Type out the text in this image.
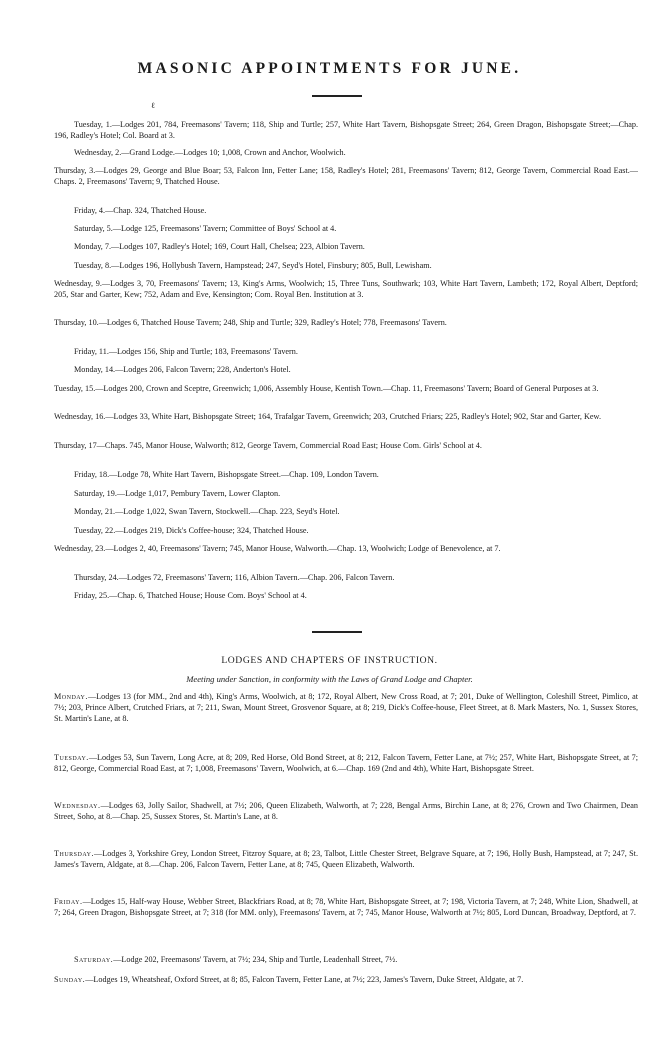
MASONIC APPOINTMENTS FOR JUNE.
ℓ
Tuesday, 1.—Lodges 201, 784, Freemasons' Tavern; 118, Ship and Turtle; 257, White Hart Tavern, Bishopsgate Street; 264, Green Dragon, Bishopsgate Street;—Chap. 196, Radley's Hotel; Col. Board at 3.
Wednesday, 2.—Grand Lodge.—Lodges 10; 1,008, Crown and Anchor, Woolwich.
Thursday, 3.—Lodges 29, George and Blue Boar; 53, Falcon Inn, Fetter Lane; 158, Radley's Hotel; 281, Freemasons' Tavern; 812, George Tavern, Commercial Road East.—Chaps. 2, Freemasons' Tavern; 9, Thatched House.
Friday, 4.—Chap. 324, Thatched House.
Saturday, 5.—Lodge 125, Freemasons' Tavern; Committee of Boys' School at 4.
Monday, 7.—Lodges 107, Radley's Hotel; 169, Court Hall, Chelsea; 223, Albion Tavern.
Tuesday, 8.—Lodges 196, Hollybush Tavern, Hampstead; 247, Seyd's Hotel, Finsbury; 805, Bull, Lewisham.
Wednesday, 9.—Lodges 3, 70, Freemasons' Tavern; 13, King's Arms, Woolwich; 15, Three Tuns, Southwark; 103, White Hart Tavern, Lambeth; 172, Royal Albert, Deptford; 205, Star and Garter, Kew; 752, Adam and Eve, Kensington; Com. Royal Ben. Institution at 3.
Thursday, 10.—Lodges 6, Thatched House Tavern; 248, Ship and Turtle; 329, Radley's Hotel; 778, Freemasons' Tavern.
Friday, 11.—Lodges 156, Ship and Turtle; 183, Freemasons' Tavern.
Monday, 14.—Lodges 206, Falcon Tavern; 228, Anderton's Hotel.
Tuesday, 15.—Lodges 200, Crown and Sceptre, Greenwich; 1,006, Assembly House, Kentish Town.—Chap. 11, Freemasons' Tavern; Board of General Purposes at 3.
Wednesday, 16.—Lodges 33, White Hart, Bishopsgate Street; 164, Trafalgar Tavern, Greenwich; 203, Crutched Friars; 225, Radley's Hotel; 902, Star and Garter, Kew.
Thursday, 17—Chaps. 745, Manor House, Walworth; 812, George Tavern, Commercial Road East; House Com. Girls' School at 4.
Friday, 18.—Lodge 78, White Hart Tavern, Bishopsgate Street.—Chap. 109, London Tavern.
Saturday, 19.—Lodge 1,017, Pembury Tavern, Lower Clapton.
Monday, 21.—Lodge 1,022, Swan Tavern, Stockwell.—Chap. 223, Seyd's Hotel.
Tuesday, 22.—Lodges 219, Dick's Coffee-house; 324, Thatched House.
Wednesday, 23.—Lodges 2, 40, Freemasons' Tavern; 745, Manor House, Walworth.—Chap. 13, Woolwich; Lodge of Benevolence, at 7.
Thursday, 24.—Lodges 72, Freemasons' Tavern; 116, Albion Tavern.—Chap. 206, Falcon Tavern.
Friday, 25.—Chap. 6, Thatched House; House Com. Boys' School at 4.
LODGES AND CHAPTERS OF INSTRUCTION.
Meeting under Sanction, in conformity with the Laws of Grand Lodge and Chapter.
Monday.—Lodges 13 (for MM., 2nd and 4th), King's Arms, Woolwich, at 8; 172, Royal Albert, New Cross Road, at 7; 201, Duke of Wellington, Coleshill Street, Pimlico, at 7½; 203, Prince Albert, Crutched Friars, at 7; 211, Swan, Mount Street, Grosvenor Square, at 8; 219, Dick's Coffee-house, Fleet Street, at 8. Mark Masters, No. 1, Sussex Stores, St. Martin's Lane, at 8.
Tuesday.—Lodges 53, Sun Tavern, Long Acre, at 8; 209, Red Horse, Old Bond Street, at 8; 212, Falcon Tavern, Fetter Lane, at 7½; 257, White Hart, Bishopsgate Street, at 7; 812, George, Commercial Road East, at 7; 1,008, Freemasons' Tavern, Woolwich, at 6.—Chap. 169 (2nd and 4th), White Hart, Bishopsgate Street.
Wednesday.—Lodges 63, Jolly Sailor, Shadwell, at 7½; 206, Queen Elizabeth, Walworth, at 7; 228, Bengal Arms, Birchin Lane, at 8; 276, Crown and Two Chairmen, Dean Street, Soho, at 8.—Chap. 25, Sussex Stores, St. Martin's Lane, at 8.
Thursday.—Lodges 3, Yorkshire Grey, London Street, Fitzroy Square, at 8; 23, Talbot, Little Chester Street, Belgrave Square, at 7; 196, Holly Bush, Hampstead, at 7; 247, St. James's Tavern, Aldgate, at 8.—Chap. 206, Falcon Tavern, Fetter Lane, at 8; 745, Queen Elizabeth, Walworth.
Friday.—Lodges 15, Half-way House, Webber Street, Blackfriars Road, at 8; 78, White Hart, Bishopsgate Street, at 7; 198, Victoria Tavern, at 7; 248, White Lion, Shadwell, at 7; 264, Green Dragon, Bishopsgate Street, at 7; 318 (for MM. only), Freemasons' Tavern, at 7; 745, Manor House, Walworth at 7½; 805, Lord Duncan, Broadway, Deptford, at 7.
Saturday.—Lodge 202, Freemasons' Tavern, at 7½; 234, Ship and Turtle, Leadenhall Street, 7½.
Sunday.—Lodges 19, Wheatsheaf, Oxford Street, at 8; 85, Falcon Tavern, Fetter Lane, at 7½; 223, James's Tavern, Duke Street, Aldgate, at 7.
